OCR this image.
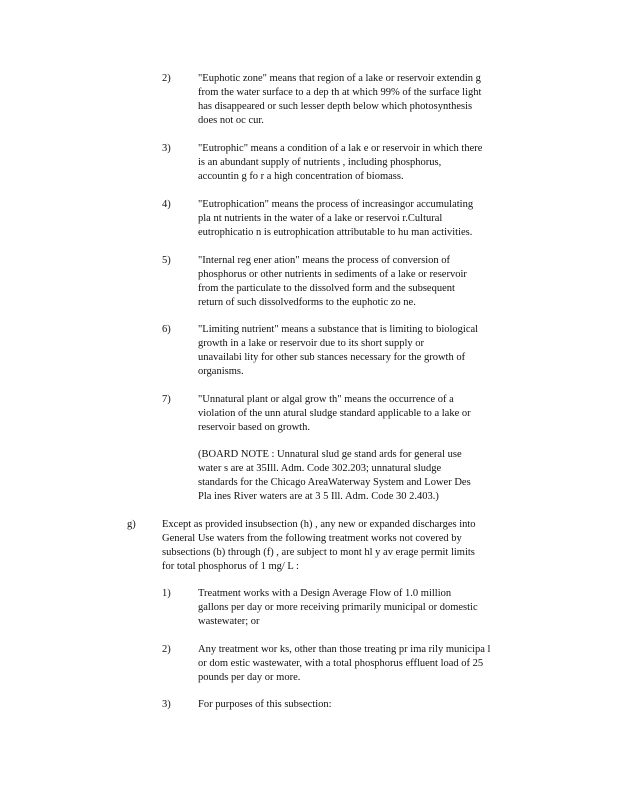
2)	"Euphotic zone" means that region of a lake or reservoir extendin g
from the water surface to a dep th at which 99% of the surface light
has disappeared or such lesser depth below which photosynthesis
does not oc cur.
3)	"Eutrophic" means a condition of a lak e or reservoir in which there
is an abundant supply of nutrients , including phosphorus,
accountin g fo r a high concentration of biomass.
4)	"Eutrophication" means the process of increasingor accumulating
pla nt nutrients in the water of a lake or reservoi r.Cultural
eutrophicatio n is eutrophication attributable to hu man activities.
5)	"Internal reg ener ation" means the process of conversion of
phosphorus or other nutrients in sediments of a lake or reservoir
from the particulate to the dissolved form and the subsequent
return of such dissolvedforms to the euphotic zo ne.
6)	"Limiting nutrient" means a substance that is limiting to biological
growth in a lake or reservoir due to its short supply or
unavailabi lity for other sub stances necessary for the growth of
organisms.
7)	"Unnatural plant or algal grow th" means the occurrence of a
violation of the unn atural sludge standard applicable to a lake or
reservoir based on growth.
(BOARD NOTE : Unnatural slud ge stand ards for general use
water s are at 35Ill. Adm. Code 302.203; unnatural sludge
standards for the Chicago AreaWaterway System and Lower Des
Pla ines River waters are at 3 5 Ill. Adm. Code 30 2.403.)
g)	Except as provided insubsection (h) , any new or expanded discharges into
General Use waters from the following treatment works not covered by
subsections (b) through (f) , are subject to mont hl y av erage permit limits
for total phosphorus of 1 mg/ L :
1)	Treatment works with a Design Average Flow of 1.0 million
gallons per day or more receiving primarily municipal or domestic
wastewater; or
2)	Any treatment wor ks, other than those treating pr ima rily municipa l
or dom estic wastewater, with a total phosphorus effluent load of 25
pounds per day or more.
3)	For purposes of this subsection:
